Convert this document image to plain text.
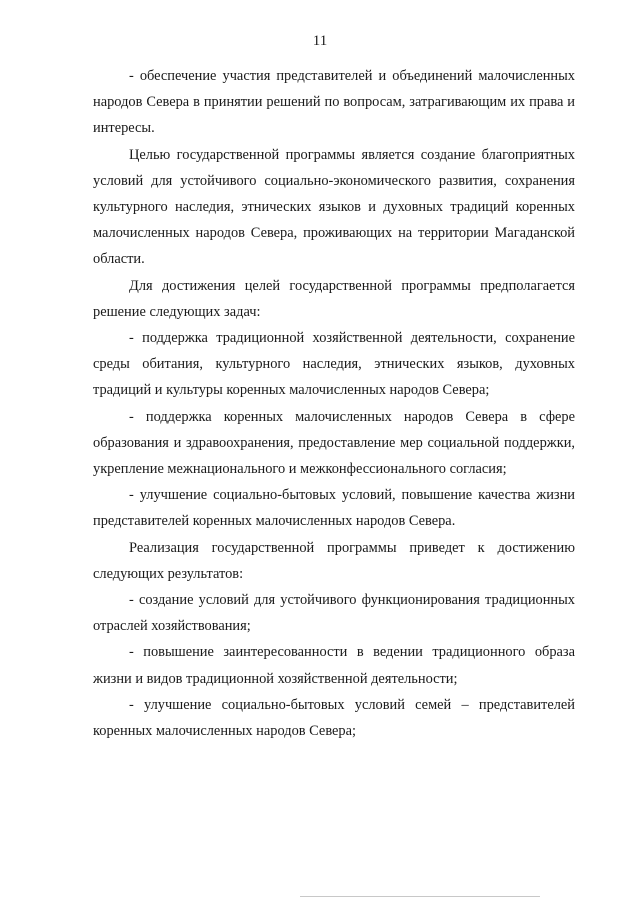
11

- обеспечение участия представителей и объединений малочисленных народов Севера в принятии решений по вопросам, затрагивающим их права и интересы.

Целью государственной программы является создание благоприятных условий для устойчивого социально-экономического развития, сохранения культурного наследия, этнических языков и духовных традиций коренных малочисленных народов Севера, проживающих на территории Магаданской области.

Для достижения целей государственной программы предполагается решение следующих задач:

- поддержка традиционной хозяйственной деятельности, сохранение среды обитания, культурного наследия, этнических языков, духовных традиций и культуры коренных малочисленных народов Севера;

- поддержка коренных малочисленных народов Севера в сфере образования и здравоохранения, предоставление мер социальной поддержки, укрепление межнационального и межконфессионального согласия;

- улучшение социально-бытовых условий, повышение качества жизни представителей коренных малочисленных народов Севера.

Реализация государственной программы приведет к достижению следующих результатов:

- создание условий для устойчивого функционирования традиционных отраслей хозяйствования;

- повышение заинтересованности в ведении традиционного образа жизни и видов традиционной хозяйственной деятельности;

- улучшение социально-бытовых условий семей – представителей коренных малочисленных народов Севера;
